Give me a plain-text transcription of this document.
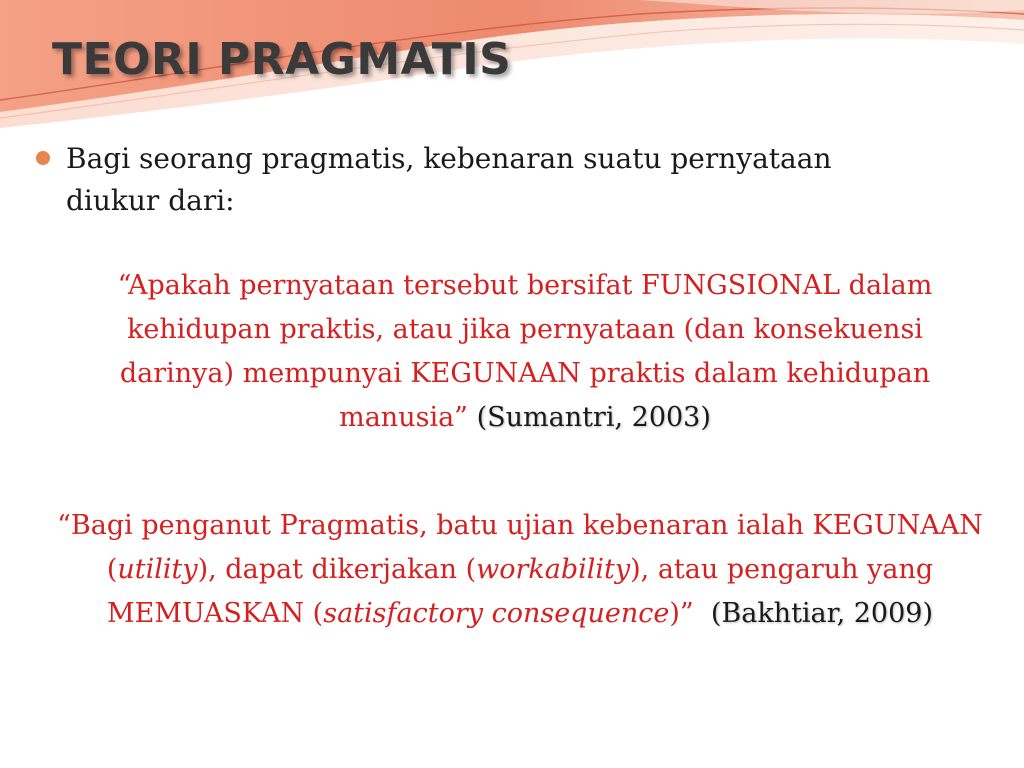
TEORI PRAGMATIS
Bagi seorang pragmatis, kebenaran suatu pernyataan
diukur dari:
“Apakah pernyataan tersebut bersifat FUNGSIONAL dalam kehidupan praktis, atau jika pernyataan (dan konsekuensi darinya) mempunyai KEGUNAAN praktis dalam kehidupan manusia” (Sumantri, 2003)
“Bagi penganut Pragmatis, batu ujian kebenaran ialah KEGUNAAN (utility), dapat dikerjakan (workability), atau pengaruh yang MEMUASKAN (satisfactory consequence)” (Bakhtiar, 2009)
